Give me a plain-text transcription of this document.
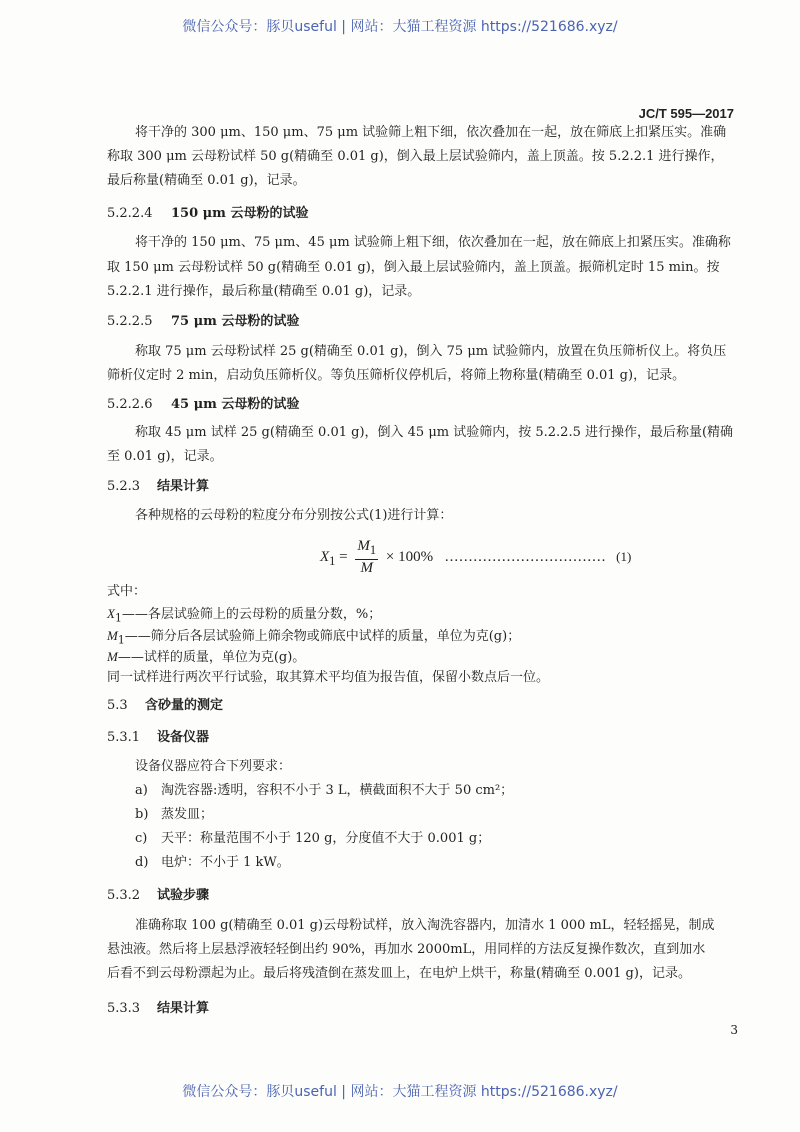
微信公众号：豚贝useful | 网站：大猫工程资源 https://521686.xyz/
JC/T 595—2017
将干净的 300 μm、150 μm、75 μm 试验筛上粗下细，依次叠加在一起，放在筛底上扣紧压实。准确
称取 300 μm 云母粉试样 50 g(精确至 0.01 g)，倒入最上层试验筛内，盖上顶盖。按 5.2.2.1 进行操作，
最后称量(精确至 0.01 g)，记录。
5.2.2.4 150 μm 云母粉的试验
将干净的 150 μm、75 μm、45 μm 试验筛上粗下细，依次叠加在一起，放在筛底上扣紧压实。准确称
取 150 μm 云母粉试样 50 g(精确至 0.01 g)，倒入最上层试验筛内，盖上顶盖。振筛机定时 15 min。按
5.2.2.1 进行操作，最后称量(精确至 0.01 g)，记录。
5.2.2.5 75 μm 云母粉的试验
称取 75 μm 云母粉试样 25 g(精确至 0.01 g)，倒入 75 μm 试验筛内，放置在负压筛析仪上。将负压
筛析仪定时 2 min，启动负压筛析仪。等负压筛析仪停机后，将筛上物称量(精确至 0.01 g)，记录。
5.2.2.6 45 μm 云母粉的试验
称取 45 μm 试样 25 g(精确至 0.01 g)，倒入 45 μm 试验筛内，按 5.2.2.5 进行操作，最后称量(精确
至 0.01 g)，记录。
5.2.3 结果计算
各种规格的云母粉的粒度分布分别按公式(1)进行计算：
$X_1 = \frac{M_1}{M} \times 100\%$ .................................. (1)
式中：
$X_1——$各层试验筛上的云母粉的质量分数，%；
$M_1——$筛分后各层试验筛上筛余物或筛底中试样的质量，单位为克(g)；
M——试样的质量，单位为克(g)。
同一试样进行两次平行试验，取其算术平均值为报告值，保留小数点后一位。
5.3 含砂量的测定
5.3.1 设备仪器
设备仪器应符合下列要求：
a) 淘洗容器:透明，容积不小于 3 L，横截面积不大于 50 cm²；
b) 蒸发皿；
c) 天平：称量范围不小于 120 g，分度值不大于 0.001 g；
d) 电炉：不小于 1 kW。
5.3.2 试验步骤
准确称取 100 g(精确至 0.01 g)云母粉试样，放入淘洗容器内，加清水 1 000 mL，轻轻摇晃，制成
悬浊液。然后将上层悬浮液轻轻倒出约 90%，再加水 2000mL，用同样的方法反复操作数次，直到加水
后看不到云母粉漂起为止。最后将残渣倒在蒸发皿上，在电炉上烘干，称量(精确至 0.001 g)，记录。
5.3.3 结果计算
3
微信公众号：豚贝useful | 网站：大猫工程资源 https://521686.xyz/
